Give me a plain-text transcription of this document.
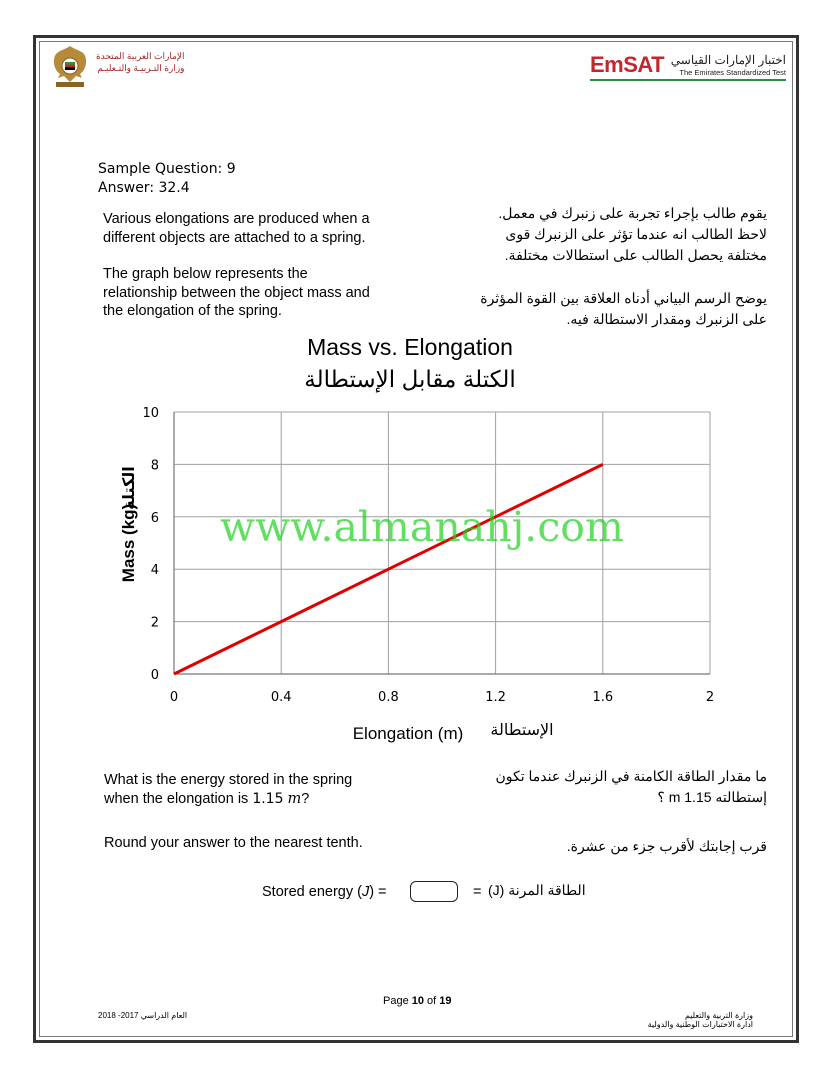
الإمارات العربية المتحدة
وزارة التـربيـة والتـعليـم	EmSAT اختبار الإمارات القياسي
The Emirates Standardized Test
Sample Question: 9
Answer: 32.4
Various elongations are produced when a
different objects are attached to a spring.
The graph below represents the
relationship between the object mass and
the elongation of the spring.
يقوم طالب بإجراء تجربة على زنبرك في معمل.
لاحظ الطالب انه عندما تؤثر على الزنبرك قوى
مختلفة يحصل الطالب على استطالات مختلفة.
يوضح الرسم البياني أدناه العلاقة بين القوة المؤثرة
على الزنبرك ومقدار الاستطالة فيه.
Mass vs. Elongation
الكتلة مقابل الإستطالة
0	0.4	0.8	1.2	1.6	2
0
2
4
6
8
10
Elongation (m) الإستطالة
Mass (kg)
الكتلة
www.almanahj.com
What is the energy stored in the spring
when the elongation is 1.15 m?
Round your answer to the nearest tenth.
ما مقدار الطاقة الكامنة في الزنبرك عندما تكون
إستطالته 1.15 m ؟
قرب إجابتك لأقرب جزء من عشرة.
Stored energy (J) =	= (J) الطاقة المرنة
Page 10 of 19
العام الدراسي 2017- 2018	وزارة التربية والتعليم
ادارة الاختبارات الوطنية والدولية
